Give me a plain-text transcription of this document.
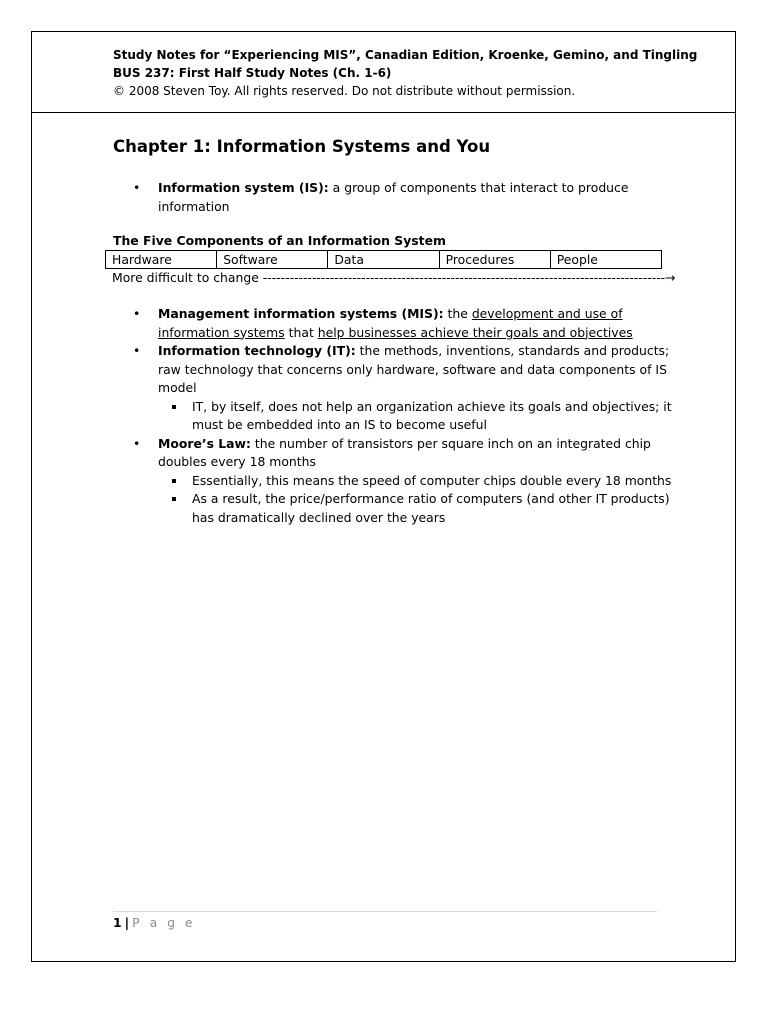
Study Notes for “Experiencing MIS”, Canadian Edition, Kroenke, Gemino, and Tingling
BUS 237: First Half Study Notes (Ch. 1-6)
© 2008 Steven Toy. All rights reserved. Do not distribute without permission.
Chapter 1: Information Systems and You
• Information system (IS): a group of components that interact to produce information
The Five Components of an Information System
Hardware	Software	Data	Procedures	People
More difficult to change ------------------------------------------------------------------------------------------→
• Management information systems (MIS): the development and use of information systems that help businesses achieve their goals and objectives
• Information technology (IT): the methods, inventions, standards and products; raw technology that concerns only hardware, software and data components of IS model
IT, by itself, does not help an organization achieve its goals and objectives; it must be embedded into an IS to become useful
• Moore’s Law: the number of transistors per square inch on an integrated chip doubles every 18 months
Essentially, this means the speed of computer chips double every 18 months
As a result, the price/performance ratio of computers (and other IT products) has dramatically declined over the years
1 | P a g e
